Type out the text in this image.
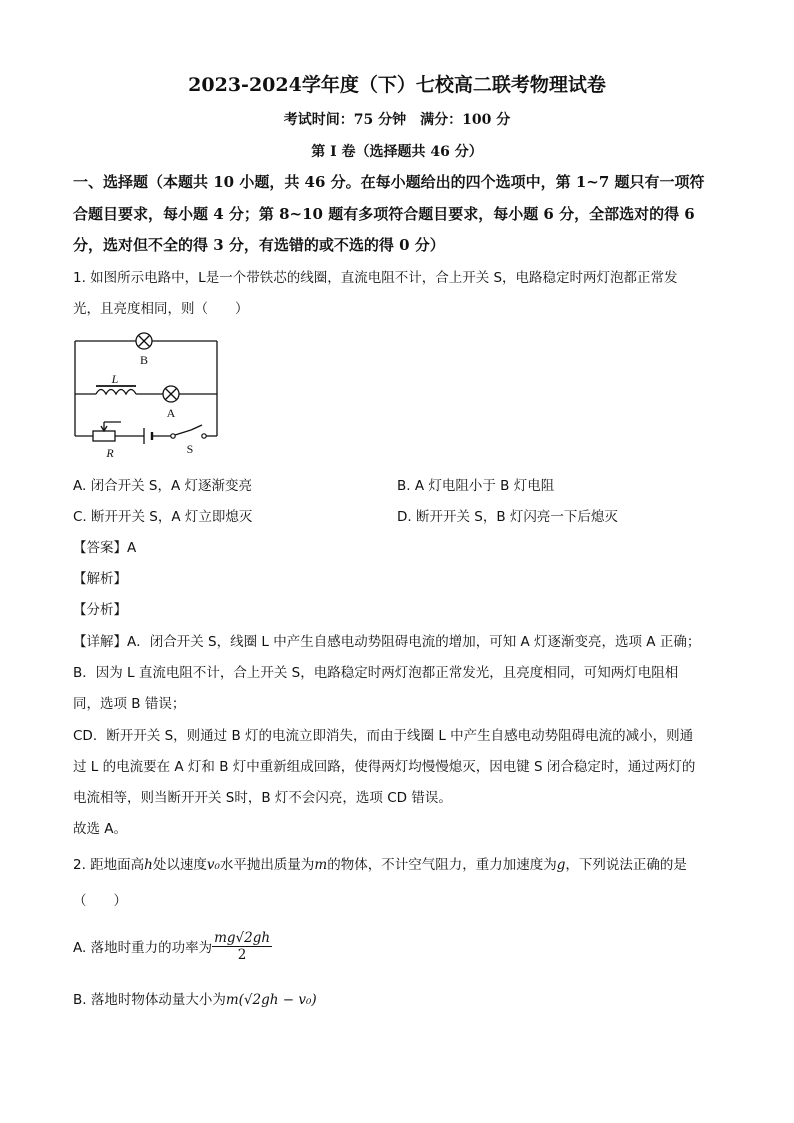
2023-2024学年度（下）七校高二联考物理试卷
考试时间：75 分钟　满分：100 分
第 I 卷（选择题共 46 分）
一、选择题（本题共 10 小题，共 46 分。在每小题给出的四个选项中，第 1~7 题只有一项符
合题目要求，每小题 4 分；第 8~10 题有多项符合题目要求，每小题 6 分，全部选对的得 6
分，选对但不全的得 3 分，有选错的或不选的得 0 分）
1. 如图所示电路中，L是一个带铁芯的线圈，直流电阻不计，合上开关 S，电路稳定时两灯泡都正常发
光，且亮度相同，则（　　）
B
L
A
R	S
A. 闭合开关 S，A 灯逐渐变亮	B. A 灯电阻小于 B 灯电阻
C. 断开开关 S，A 灯立即熄灭	D. 断开开关 S，B 灯闪亮一下后熄灭
【答案】A
【解析】
【分析】
【详解】A．闭合开关 S，线圈 L 中产生自感电动势阻碍电流的增加，可知 A 灯逐渐变亮，选项 A 正确；
B．因为 L 直流电阻不计，合上开关 S，电路稳定时两灯泡都正常发光，且亮度相同，可知两灯电阻相
同，选项 B 错误；
CD．断开开关 S，则通过 B 灯的电流立即消失，而由于线圈 L 中产生自感电动势阻碍电流的减小，则通
过 L 的电流要在 A 灯和 B 灯中重新组成回路，使得两灯均慢慢熄灭，因电键 S 闭合稳定时，通过两灯的
电流相等，则当断开开关 S时，B 灯不会闪亮，选项 CD 错误。
故选 A。
2. 距地面高h处以速度v₀水平抛出质量为m的物体，不计空气阻力，重力加速度为g，下列说法正确的是
（　　）
A. 落地时重力的功率为 $\frac{mg√2gh}{2}$
B. 落地时物体动量大小为m(√2gh − v₀)
